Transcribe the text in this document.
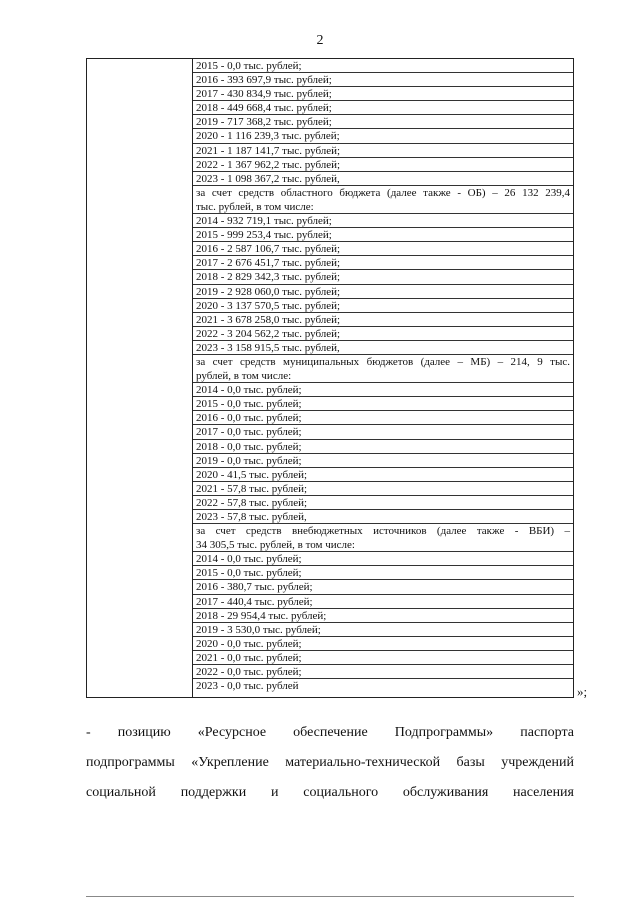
2
2015 - 0,0 тыс. рублей;
2016 - 393 697,9 тыс. рублей;
2017 - 430 834,9 тыс. рублей;
2018 - 449 668,4 тыс. рублей;
2019 - 717 368,2 тыс. рублей;
2020 - 1 116 239,3 тыс. рублей;
2021 - 1 187 141,7 тыс. рублей;
2022 - 1 367 962,2 тыс. рублей;
2023 - 1 098 367,2 тыс. рублей,
за счет средств областного бюджета (далее также - ОБ) – 26 132 239,4
тыс. рублей, в том числе:
2014 - 932 719,1 тыс. рублей;
2015 - 999 253,4 тыс. рублей;
2016 - 2 587 106,7 тыс. рублей;
2017 - 2 676 451,7 тыс. рублей;
2018 - 2 829 342,3 тыс. рублей;
2019 - 2 928 060,0 тыс. рублей;
2020 - 3 137 570,5 тыс. рублей;
2021 - 3 678 258,0 тыс. рублей;
2022 - 3 204 562,2 тыс. рублей;
2023 - 3 158 915,5 тыс. рублей,
за счет средств муниципальных бюджетов (далее – МБ) – 214, 9 тыс.
рублей, в том числе:
2014 - 0,0 тыс. рублей;
2015 - 0,0 тыс. рублей;
2016 - 0,0 тыс. рублей;
2017 - 0,0 тыс. рублей;
2018 - 0,0 тыс. рублей;
2019 - 0,0 тыс. рублей;
2020 - 41,5 тыс. рублей;
2021 - 57,8 тыс. рублей;
2022 - 57,8 тыс. рублей;
2023 - 57,8 тыс. рублей,
за счет средств внебюджетных источников (далее также - ВБИ) –
34 305,5 тыс. рублей, в том числе:
2014 - 0,0 тыс. рублей;
2015 - 0,0 тыс. рублей;
2016 - 380,7 тыс. рублей;
2017 - 440,4 тыс. рублей;
2018 - 29 954,4 тыс. рублей;
2019 - 3 530,0 тыс. рублей;
2020 - 0,0 тыс. рублей;
2021 - 0,0 тыс. рублей;
2022 - 0,0 тыс. рублей;
2023 - 0,0 тыс. рублей	»;
- позицию «Ресурсное обеспечение Подпрограммы» паспорта
подпрограммы «Укрепление материально-технической базы учреждений
социальной поддержки и социального обслуживания населения
